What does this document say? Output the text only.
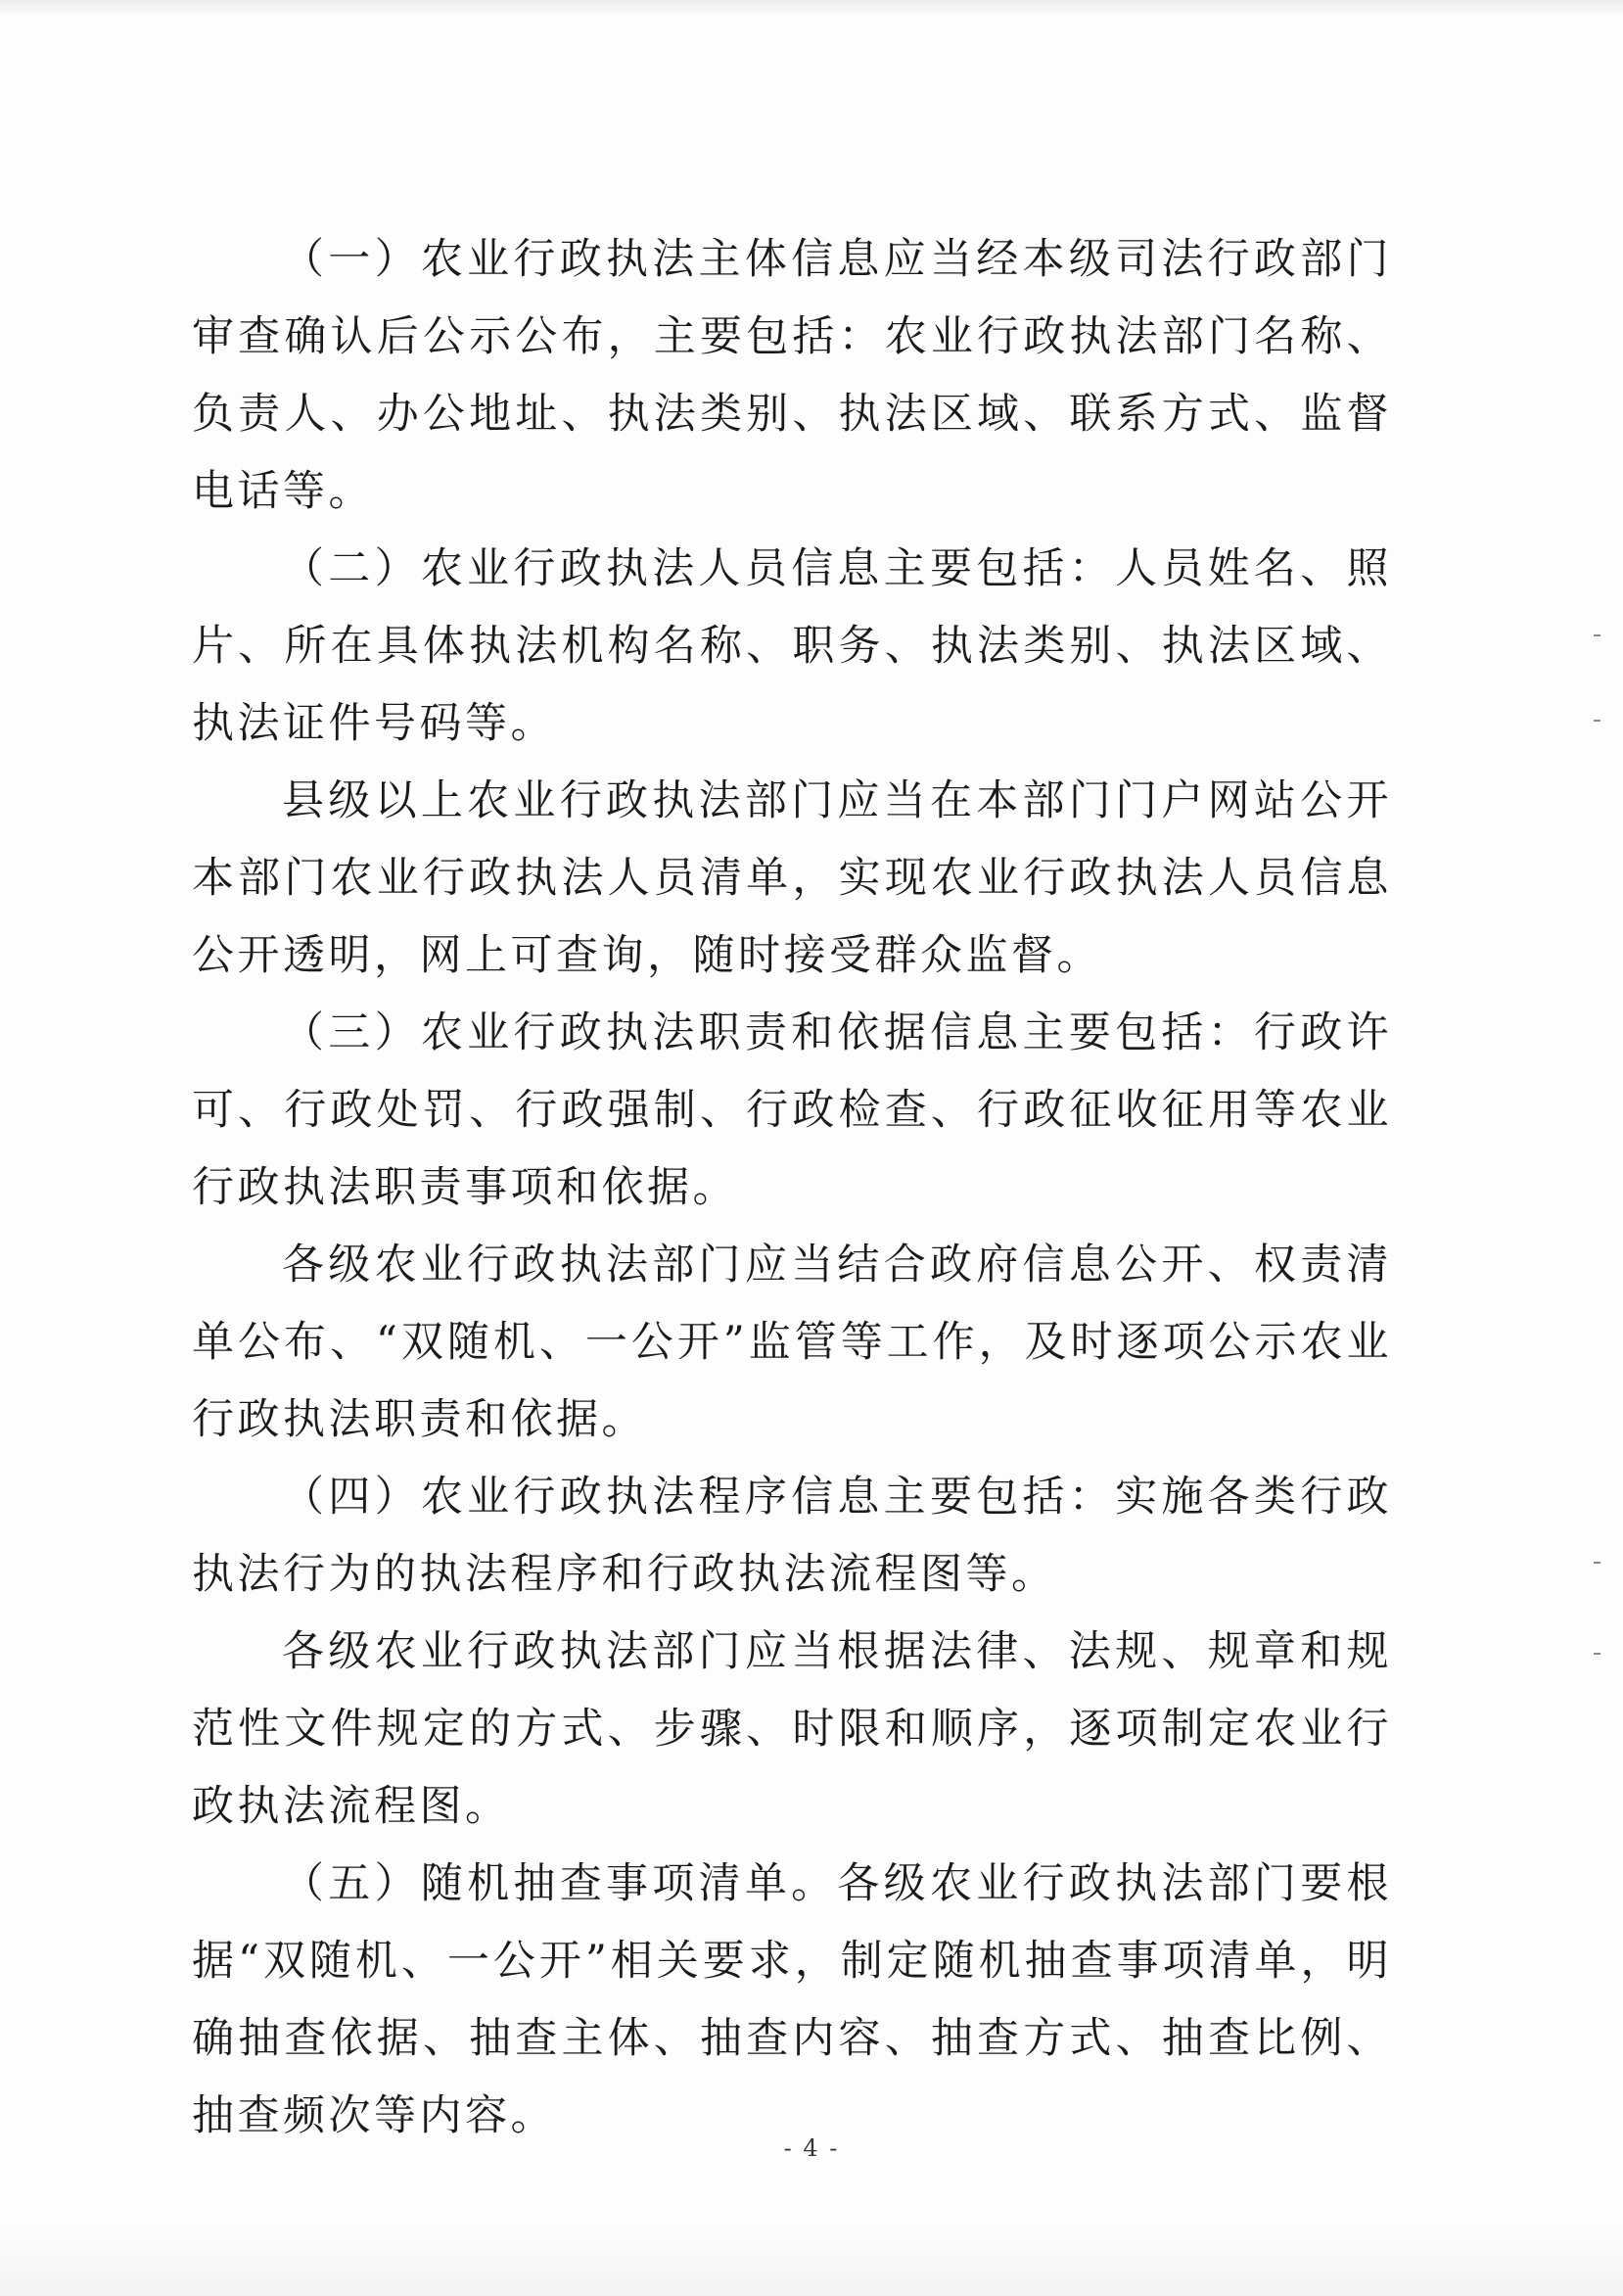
（一）农业行政执法主体信息应当经本级司法行政部门审查确认后公示公布，主要包括：农业行政执法部门名称、负责人、办公地址、执法类别、执法区域、联系方式、监督电话等。

（二）农业行政执法人员信息主要包括：人员姓名、照片、所在具体执法机构名称、职务、执法类别、执法区域、执法证件号码等。

县级以上农业行政执法部门应当在本部门门户网站公开本部门农业行政执法人员清单，实现农业行政执法人员信息公开透明，网上可查询，随时接受群众监督。

（三）农业行政执法职责和依据信息主要包括：行政许可、行政处罚、行政强制、行政检查、行政征收征用等农业行政执法职责事项和依据。

各级农业行政执法部门应当结合政府信息公开、权责清单公布、“双随机、一公开”监管等工作，及时逐项公示农业行政执法职责和依据。

（四）农业行政执法程序信息主要包括：实施各类行政执法行为的执法程序和行政执法流程图等。

各级农业行政执法部门应当根据法律、法规、规章和规范性文件规定的方式、步骤、时限和顺序，逐项制定农业行政执法流程图。

（五）随机抽查事项清单。各级农业行政执法部门要根据“双随机、一公开”相关要求，制定随机抽查事项清单，明确抽查依据、抽查主体、抽查内容、抽查方式、抽查比例、抽查频次等内容。

- 4 -
